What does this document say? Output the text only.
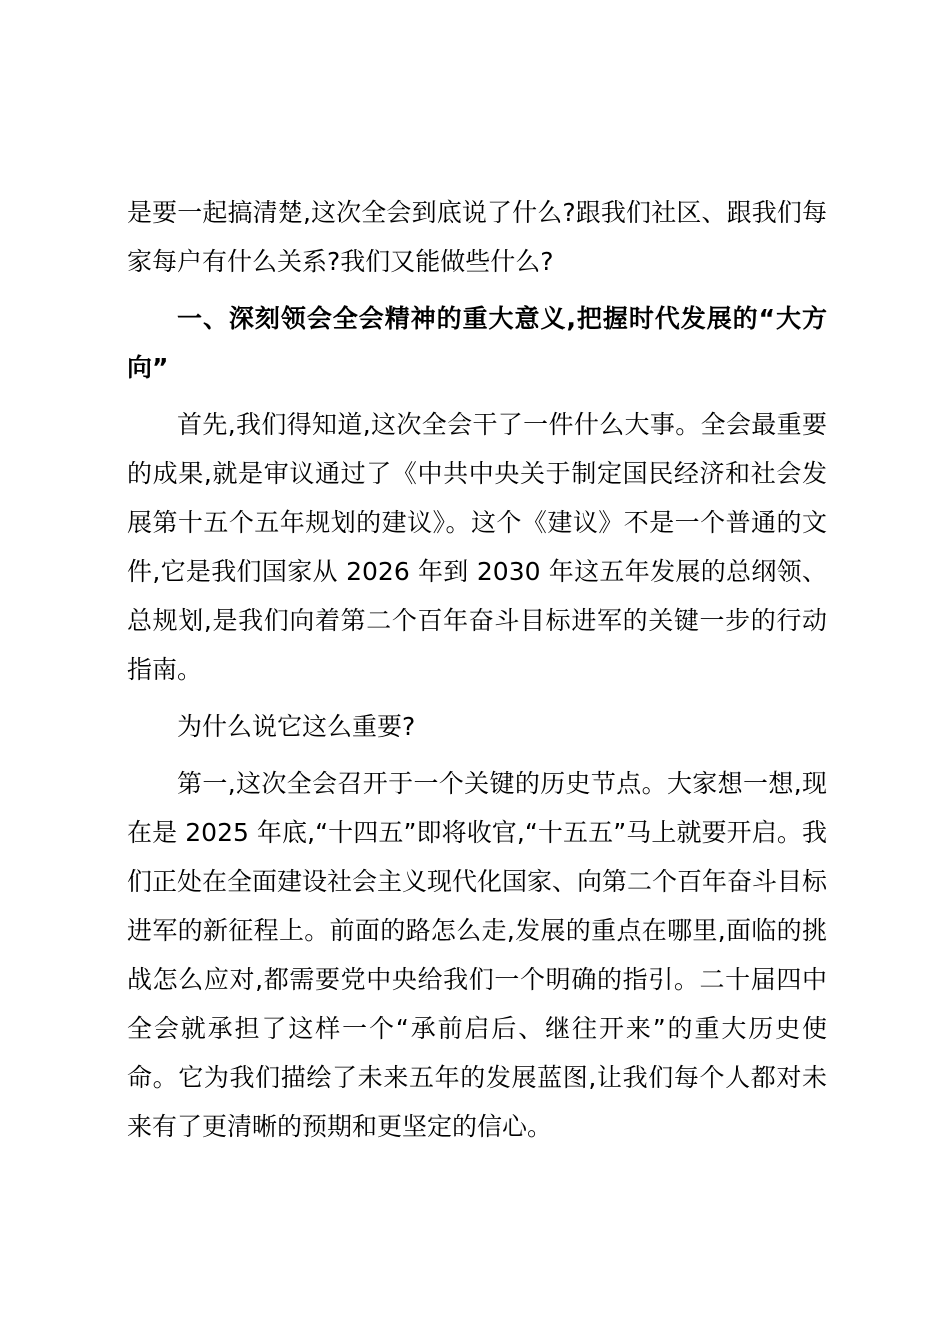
是要一起搞清楚,这次全会到底说了什么?跟我们社区、跟我们每家每户有什么关系?我们又能做些什么?

一、深刻领会全会精神的重大意义,把握时代发展的“大方向”

首先,我们得知道,这次全会干了一件什么大事。全会最重要的成果,就是审议通过了《中共中央关于制定国民经济和社会发展第十五个五年规划的建议》。这个《建议》不是一个普通的文件,它是我们国家从 2026 年到 2030 年这五年发展的总纲领、总规划,是我们向着第二个百年奋斗目标进军的关键一步的行动指南。

为什么说它这么重要?

第一,这次全会召开于一个关键的历史节点。大家想一想,现在是 2025 年底,“十四五”即将收官,“十五五”马上就要开启。我们正处在全面建设社会主义现代化国家、向第二个百年奋斗目标进军的新征程上。前面的路怎么走,发展的重点在哪里,面临的挑战怎么应对,都需要党中央给我们一个明确的指引。二十届四中全会就承担了这样一个“承前启后、继往开来”的重大历史使命。它为我们描绘了未来五年的发展蓝图,让我们每个人都对未来有了更清晰的预期和更坚定的信心。
